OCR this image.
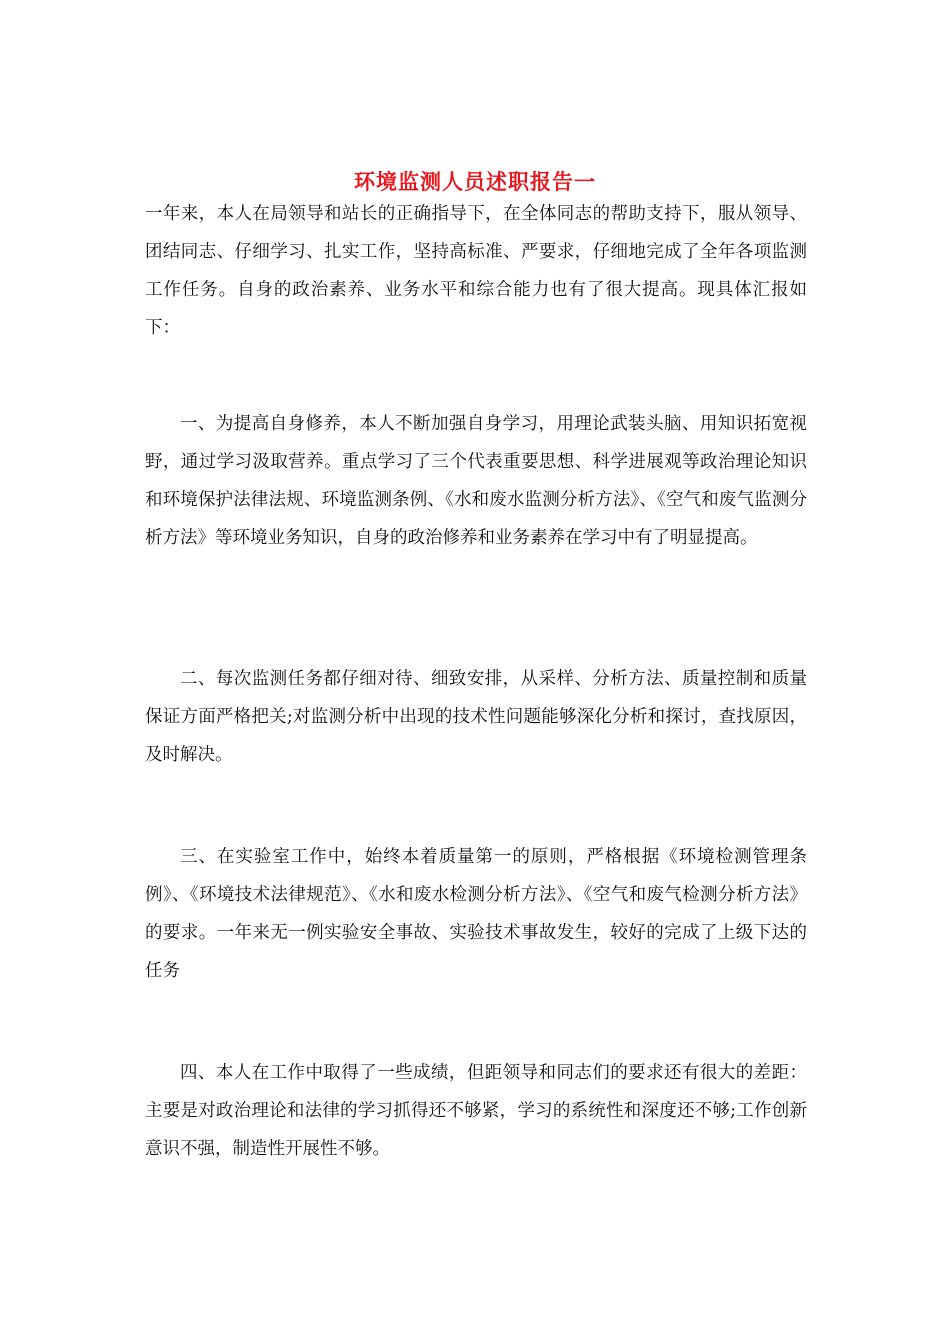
环境监测人员述职报告一

一年来，本人在局领导和站长的正确指导下，在全体同志的帮助支持下，服从领导、团结同志、仔细学习、扎实工作，坚持高标准、严要求，仔细地完成了全年各项监测工作任务。自身的政治素养、业务水平和综合能力也有了很大提高。现具体汇报如下：

一、为提高自身修养，本人不断加强自身学习，用理论武装头脑、用知识拓宽视野，通过学习汲取营养。重点学习了三个代表重要思想、科学进展观等政治理论知识和环境保护法律法规、环境监测条例、《水和废水监测分析方法》、《空气和废气监测分析方法》等环境业务知识，自身的政治修养和业务素养在学习中有了明显提高。

二、每次监测任务都仔细对待、细致安排，从采样、分析方法、质量控制和质量保证方面严格把关;对监测分析中出现的技术性问题能够深化分析和探讨，查找原因，及时解决。

三、在实验室工作中，始终本着质量第一的原则，严格根据《环境检测管理条例》、《环境技术法律规范》、《水和废水检测分析方法》、《空气和废气检测分析方法》的要求。一年来无一例实验安全事故、实验技术事故发生，较好的完成了上级下达的任务

四、本人在工作中取得了一些成绩，但距领导和同志们的要求还有很大的差距：主要是对政治理论和法律的学习抓得还不够紧，学习的系统性和深度还不够;工作创新意识不强，制造性开展性不够。
